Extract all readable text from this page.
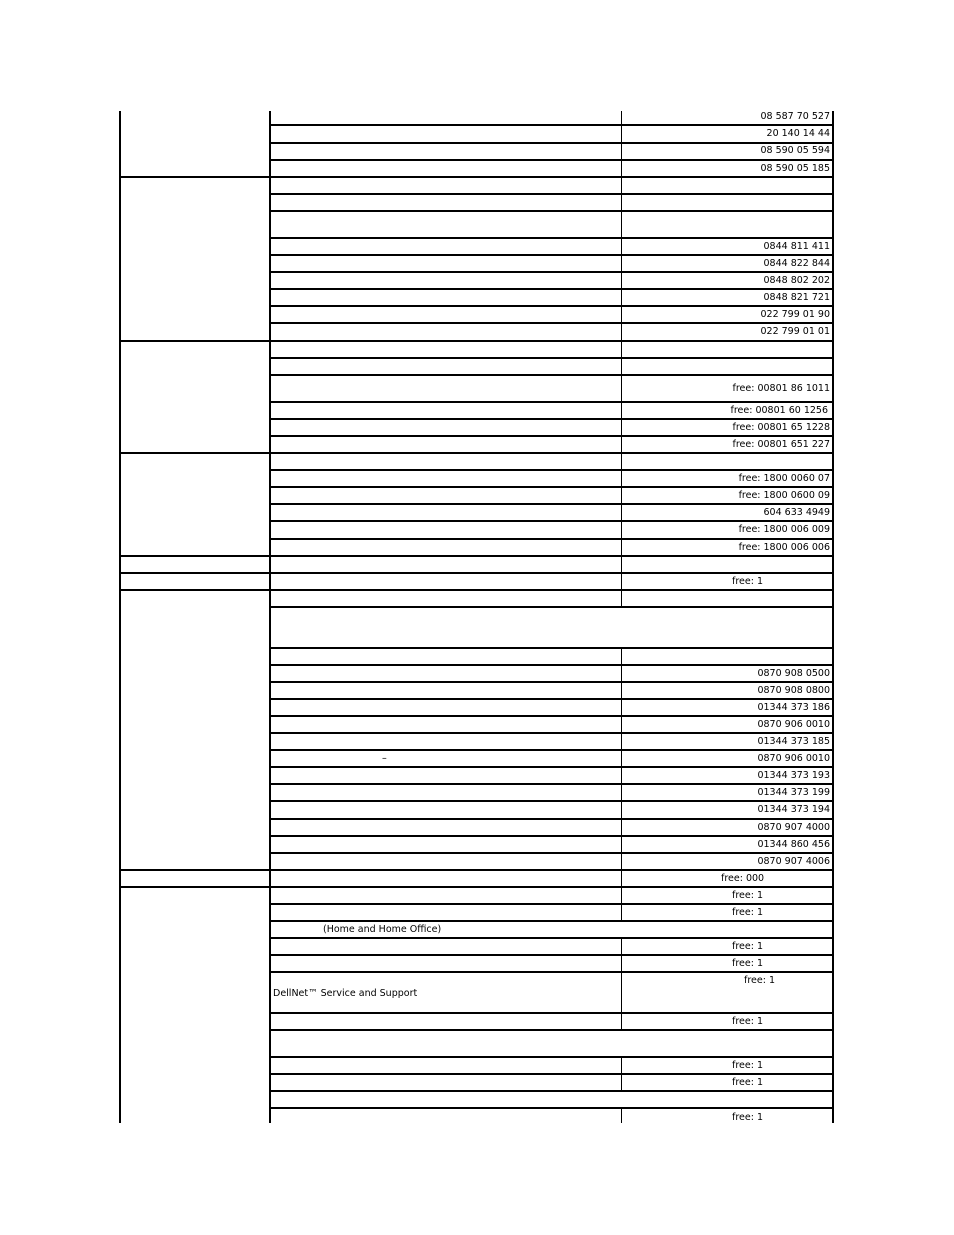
08 587 70 527
20 140 14 44
08 590 05 594
08 590 05 185
0844 811 411
0844 822 844
0848 802 202
0848 821 721
022 799 01 90
022 799 01 01
free: 00801 86 1011
free: 00801 60 1256
free: 00801 65 1228
free: 00801 651 227
free: 1800 0060 07
free: 1800 0600 09
604 633 4949
free: 1800 006 009
free: 1800 006 006
free: 1
0870 908 0500
0870 908 0800
01344 373 186
0870 906 0010
01344 373 185
0870 906 0010
01344 373 193
01344 373 199
01344 373 194
0870 907 4000
01344 860 456
0870 907 4006
free: 000
free: 1
free: 1
free: 1
free: 1
free: 1
free: 1
free: 1
free: 1
free: 1
–
(Home and Home Office)
DellNet™ Service and Support
